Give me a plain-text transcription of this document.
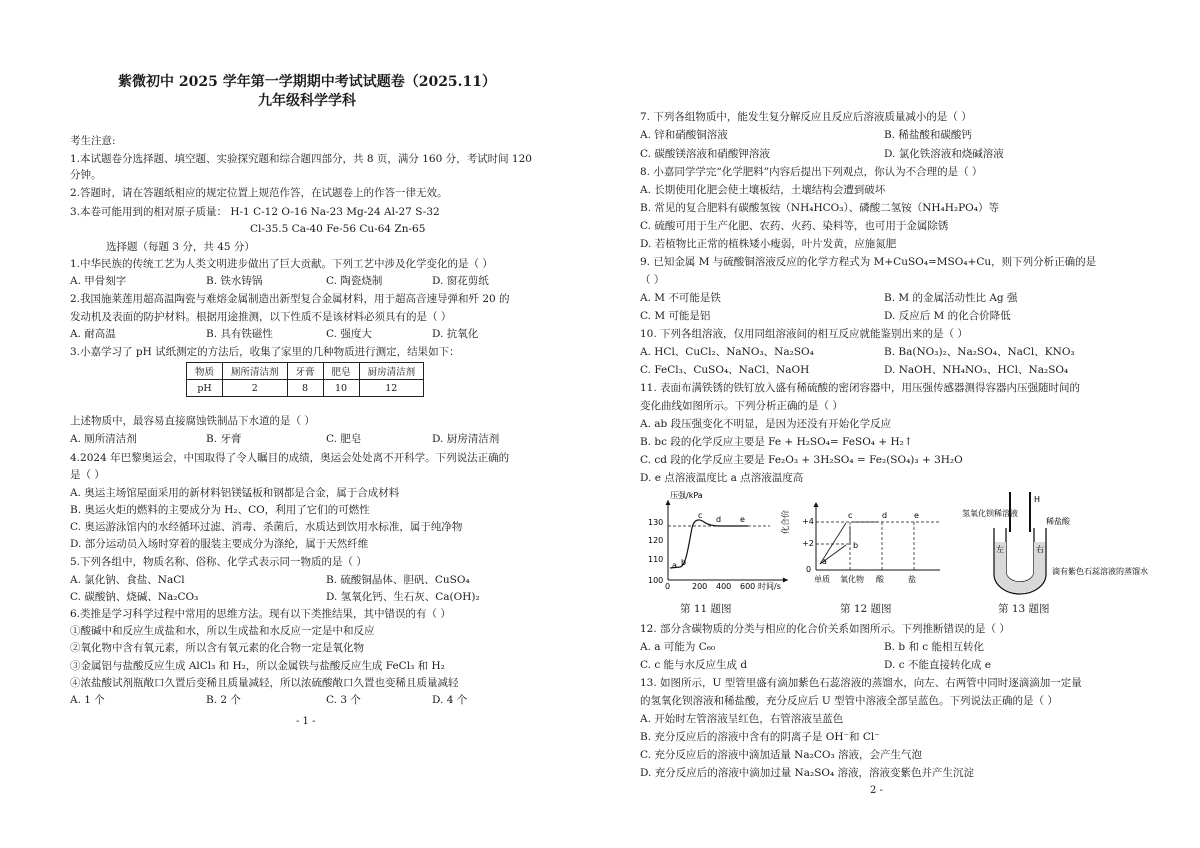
紫微初中 2025 学年第一学期期中考试试题卷（2025.11）
九年级科学学科
考生注意:
1.本试题卷分选择题、填空题、实验探究题和综合题四部分，共 8 页，满分 160 分，考试时间 120
分钟。
2.答题时，请在答题纸相应的规定位置上规范作答，在试题卷上的作答一律无效。
3.本卷可能用到的相对原子质量： H-1 C-12 O-16 Na-23 Mg-24 Al-27 S-32
Cl-35.5 Ca-40 Fe-56 Cu-64 Zn-65
选择题（每题 3 分，共 45 分）
1.中华民族的传统工艺为人类文明进步做出了巨大贡献。下列工艺中涉及化学变化的是（ ）
A. 甲骨刻字	B. 铁水铸锅	C. 陶瓷烧制	D. 窗花剪纸
2.我国施莱莲用超高温陶瓷与难熔金属制造出新型复合金属材料，用于超高音速导弹和歼 20 的
发动机及表面的防护材料。根据用途推测，以下性质不是该材料必须具有的是（ ）
A. 耐高温	B. 具有铁磁性	C. 强度大	D. 抗氧化
3.小嘉学习了 pH 试纸测定的方法后，收集了家里的几种物质进行测定，结果如下：
物质	厕所清洁剂	牙膏	肥皂	厨房清洁剂
pH	2	8	10	12
上述物质中，最容易直接腐蚀铁制品下水道的是（ ）
A. 厕所清洁剂	B. 牙膏	C. 肥皂	D. 厨房清洁剂
4.2024 年巴黎奥运会，中国取得了令人瞩目的成绩，奥运会处处离不开科学。下列说法正确的
是（ ）
A. 奥运主场馆屋面采用的新材料铝镁锰板和钢都是合金，属于合成材料
B. 奥运火炬的燃料的主要成分为 H₂、CO，利用了它们的可燃性
C. 奥运游泳馆内的水经循环过滤、消毒、杀菌后，水质达到饮用水标准，属于纯净物
D. 部分运动员入场时穿着的服装主要成分为涤纶，属于天然纤维
5.下列各组中，物质名称、俗称、化学式表示同一物质的是（ ）
A. 氯化钠、食盐、NaCl	B. 硫酸铜晶体、胆矾、CuSO₄
C. 碳酸钠、烧碱、Na₂CO₃	D. 氢氧化钙、生石灰、Ca(OH)₂
6.类推是学习科学过程中常用的思维方法。现有以下类推结果，其中错误的有（ ）
①酸碱中和反应生成盐和水，所以生成盐和水反应一定是中和反应
②氧化物中含有氧元素，所以含有氧元素的化合物一定是氧化物
③金属铝与盐酸反应生成 AlCl₃ 和 H₂，所以金属铁与盐酸反应生成 FeCl₃ 和 H₂
④浓盐酸试剂瓶敞口久置后变稀且质量减轻，所以浓硫酸敞口久置也变稀且质量减轻
A. 1 个	B. 2 个	C. 3 个	D. 4 个
- 1 -
7. 下列各组物质中，能发生复分解反应且反应后溶液质量减小的是（ ）
A. 锌和硝酸铜溶液	B. 稀盐酸和碳酸钙
C. 碳酸镁溶液和硝酸钾溶液	D. 氯化铁溶液和烧碱溶液
8. 小嘉同学学完“化学肥料”内容后提出下列观点，你认为不合理的是（ ）
A. 长期使用化肥会使土壤板结，土壤结构会遭到破坏
B. 常见的复合肥料有碳酸氢铵（NH₄HCO₃）、磷酸二氢铵（NH₄H₂PO₄）等
C. 硫酸可用于生产化肥、农药、火药、染料等，也可用于金属除锈
D. 若植物比正常的植株矮小瘦弱，叶片发黄，应施氮肥
9. 已知金属 M 与硫酸铜溶液反应的化学方程式为 M+CuSO₄=MSO₄+Cu，则下列分析正确的是
（ ）
A. M 不可能是铁	B. M 的金属活动性比 Ag 强
C. M 可能是铝	D. 反应后 M 的化合价降低
10. 下列各组溶液，仅用同组溶液间的相互反应就能鉴别出来的是（ ）
A. HCl、CuCl₂、NaNO₃、Na₂SO₄	B. Ba(NO₃)₂、Na₂SO₄、NaCl、KNO₃
C. FeCl₃、CuSO₄、NaCl、NaOH	D. NaOH、NH₄NO₃、HCl、Na₂SO₄
11. 表面布满铁锈的铁钉放入盛有稀硫酸的密闭容器中，用压强传感器测得容器内压强随时间的
变化曲线如图所示。下列分析正确的是（ ）
A. ab 段压强变化不明显，是因为还没有开始化学反应
B. bc 段的化学反应主要是 Fe + H₂SO₄= FeSO₄ + H₂↑
C. cd 段的化学反应主要是 Fe₂O₃ + 3H₂SO₄ = Fe₂(SO₄)₃ + 3H₂O
D. e 点溶液温度比 a 点溶液温度高
压强/kPa
时间/s
130
120
110
100
0	200 400 600
a b
c d e	化合价 +4
+2
0
a
b
c	d	e
单质 氧化物 酸	盐
氢氧化钡稀溶液
H
稀盐酸
左	右
滴有紫色石蕊溶液的蒸馏水
第 11 题图	第 12 题图	第 13 题图
12. 部分含碳物质的分类与相应的化合价关系如图所示。下列推断错误的是（ ）
A. a 可能为 C₆₀	B. b 和 c 能相互转化
C. c 能与水反应生成 d	D. c 不能直接转化成 e
13. 如图所示，U 型管里盛有滴加紫色石蕊溶液的蒸馏水，向左、右两管中同时逐滴滴加一定量
的氢氧化钡溶液和稀盐酸，充分反应后 U 型管中溶液全部呈蓝色。下列说法正确的是（ ）
A. 开始时左管溶液呈红色，右管溶液呈蓝色
B. 充分反应后的溶液中含有的阴离子是 OH⁻和 Cl⁻
C. 充分反应后的溶液中滴加适量 Na₂CO₃ 溶液，会产生气泡
D. 充分反应后的溶液中滴加过量 Na₂SO₄ 溶液，溶液变紫色并产生沉淀
2 -
